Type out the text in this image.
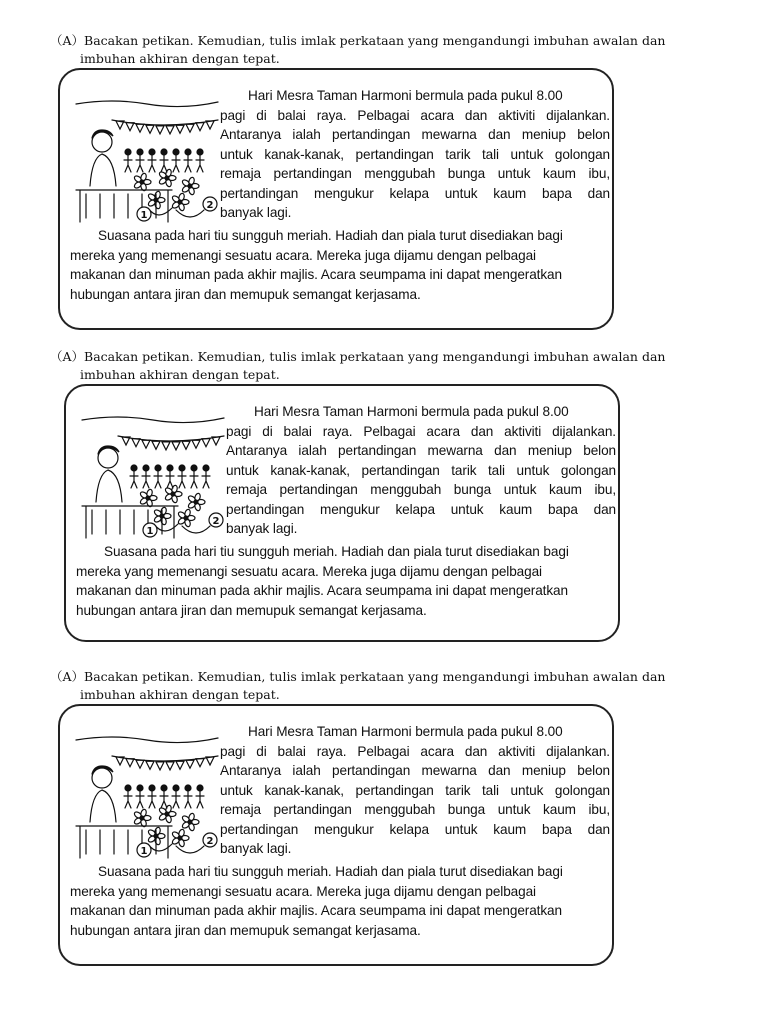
（A）Bacakan petikan. Kemudian, tulis imlak perkataan yang mengandungi imbuhan awalan dan
imbuhan akhiran dengan tepat.
1
2
Hari Mesra Taman Harmoni bermula pada pukul 8.00
pagi di balai raya. Pelbagai acara dan aktiviti dijalankan.
Antaranya ialah pertandingan mewarna dan meniup belon
untuk kanak-kanak, pertandingan tarik tali untuk golongan
remaja pertandingan menggubah bunga untuk kaum ibu,
pertandingan mengukur kelapa untuk kaum bapa dan
banyak lagi.
Suasana pada hari tiu sungguh meriah. Hadiah dan piala turut disediakan bagi
mereka yang memenangi sesuatu acara. Mereka juga dijamu dengan pelbagai
makanan dan minuman pada akhir majlis. Acara seumpama ini dapat mengeratkan
hubungan antara jiran dan memupuk semangat kerjasama.
（A）Bacakan petikan. Kemudian, tulis imlak perkataan yang mengandungi imbuhan awalan dan
imbuhan akhiran dengan tepat.
1
2
Hari Mesra Taman Harmoni bermula pada pukul 8.00
pagi di balai raya. Pelbagai acara dan aktiviti dijalankan.
Antaranya ialah pertandingan mewarna dan meniup belon
untuk kanak-kanak, pertandingan tarik tali untuk golongan
remaja pertandingan menggubah bunga untuk kaum ibu,
pertandingan mengukur kelapa untuk kaum bapa dan
banyak lagi.
Suasana pada hari tiu sungguh meriah. Hadiah dan piala turut disediakan bagi
mereka yang memenangi sesuatu acara. Mereka juga dijamu dengan pelbagai
makanan dan minuman pada akhir majlis. Acara seumpama ini dapat mengeratkan
hubungan antara jiran dan memupuk semangat kerjasama.
（A）Bacakan petikan. Kemudian, tulis imlak perkataan yang mengandungi imbuhan awalan dan
imbuhan akhiran dengan tepat.
1
2
Hari Mesra Taman Harmoni bermula pada pukul 8.00
pagi di balai raya. Pelbagai acara dan aktiviti dijalankan.
Antaranya ialah pertandingan mewarna dan meniup belon
untuk kanak-kanak, pertandingan tarik tali untuk golongan
remaja pertandingan menggubah bunga untuk kaum ibu,
pertandingan mengukur kelapa untuk kaum bapa dan
banyak lagi.
Suasana pada hari tiu sungguh meriah. Hadiah dan piala turut disediakan bagi
mereka yang memenangi sesuatu acara. Mereka juga dijamu dengan pelbagai
makanan dan minuman pada akhir majlis. Acara seumpama ini dapat mengeratkan
hubungan antara jiran dan memupuk semangat kerjasama.
